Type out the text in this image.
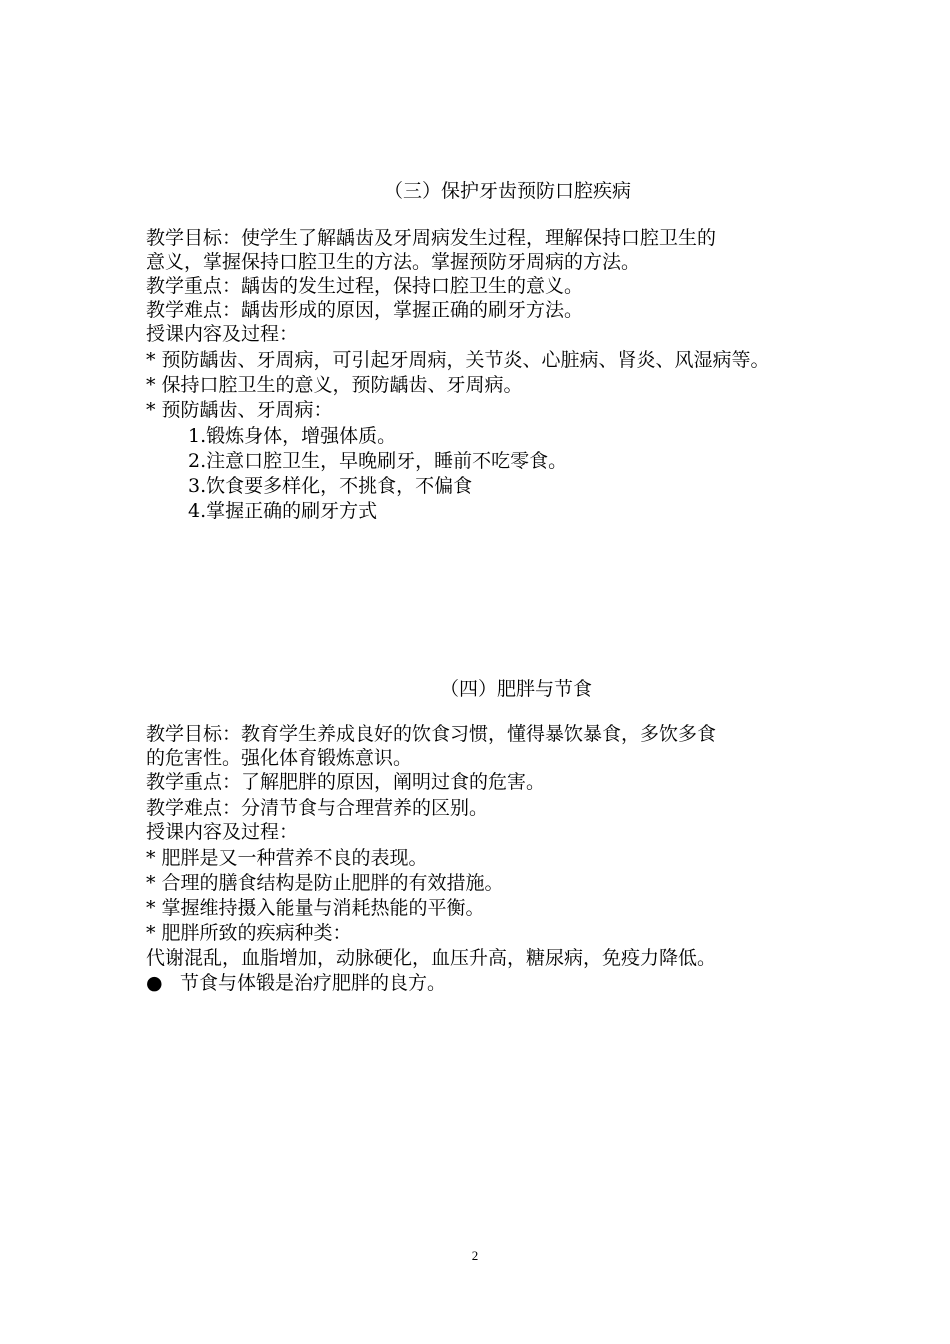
（三）保护牙齿预防口腔疾病
教学目标：使学生了解龋齿及牙周病发生过程，理解保持口腔卫生的
意义，掌握保持口腔卫生的方法。掌握预防牙周病的方法。
教学重点：龋齿的发生过程，保持口腔卫生的意义。
教学难点：龋齿形成的原因，掌握正确的刷牙方法。
授课内容及过程：
* 预防龋齿、牙周病，可引起牙周病，关节炎、心脏病、肾炎、风湿病等。
* 保持口腔卫生的意义，预防龋齿、牙周病。
* 预防龋齿、牙周病：
1.锻炼身体，增强体质。
2.注意口腔卫生，早晚刷牙，睡前不吃零食。
3.饮食要多样化，不挑食，不偏食
4.掌握正确的刷牙方式
（四）肥胖与节食
教学目标：教育学生养成良好的饮食习惯，懂得暴饮暴食，多饮多食
的危害性。强化体育锻炼意识。
教学重点：了解肥胖的原因，阐明过食的危害。
教学难点：分清节食与合理营养的区别。
授课内容及过程：
* 肥胖是又一种营养不良的表现。
* 合理的膳食结构是防止肥胖的有效措施。
* 掌握维持摄入能量与消耗热能的平衡。
* 肥胖所致的疾病种类：
代谢混乱，血脂增加，动脉硬化，血压升高，糖尿病，免疫力降低。
● 节食与体锻是治疗肥胖的良方。
2
